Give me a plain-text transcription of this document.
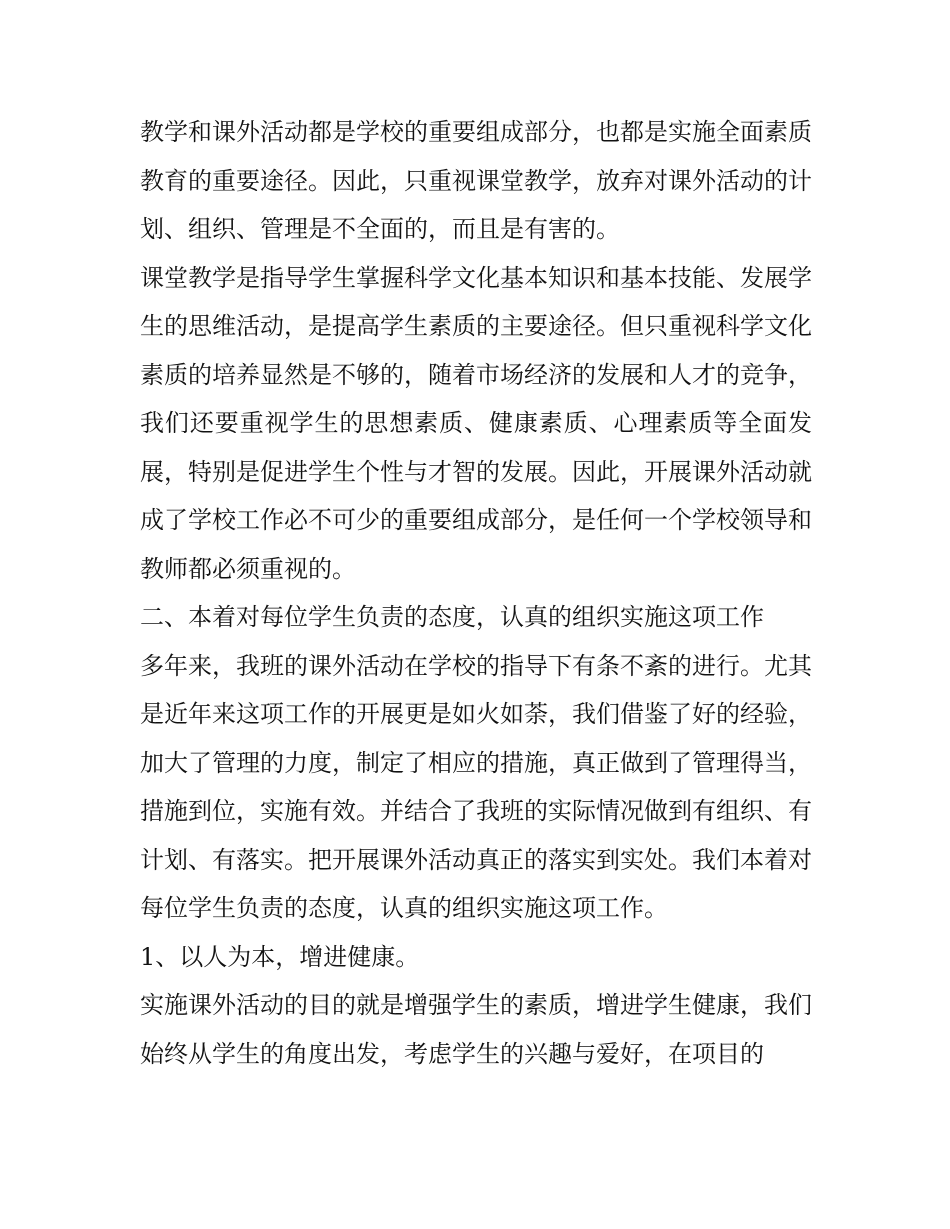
教学和课外活动都是学校的重要组成部分，也都是实施全面素质教育的重要途径。因此，只重视课堂教学，放弃对课外活动的计划、组织、管理是不全面的，而且是有害的。

课堂教学是指导学生掌握科学文化基本知识和基本技能、发展学生的思维活动，是提高学生素质的主要途径。但只重视科学文化素质的培养显然是不够的，随着市场经济的发展和人才的竞争，我们还要重视学生的思想素质、健康素质、心理素质等全面发展，特别是促进学生个性与才智的发展。因此，开展课外活动就成了学校工作必不可少的重要组成部分，是任何一个学校领导和教师都必须重视的。

二、本着对每位学生负责的态度，认真的组织实施这项工作

多年来，我班的课外活动在学校的指导下有条不紊的进行。尤其是近年来这项工作的开展更是如火如荼，我们借鉴了好的经验，加大了管理的力度，制定了相应的措施，真正做到了管理得当，措施到位，实施有效。并结合了我班的实际情况做到有组织、有计划、有落实。把开展课外活动真正的落实到实处。我们本着对每位学生负责的态度，认真的组织实施这项工作。

1、以人为本，增进健康。

实施课外活动的目的就是增强学生的素质，增进学生健康，我们始终从学生的角度出发，考虑学生的兴趣与爱好，在项目的
